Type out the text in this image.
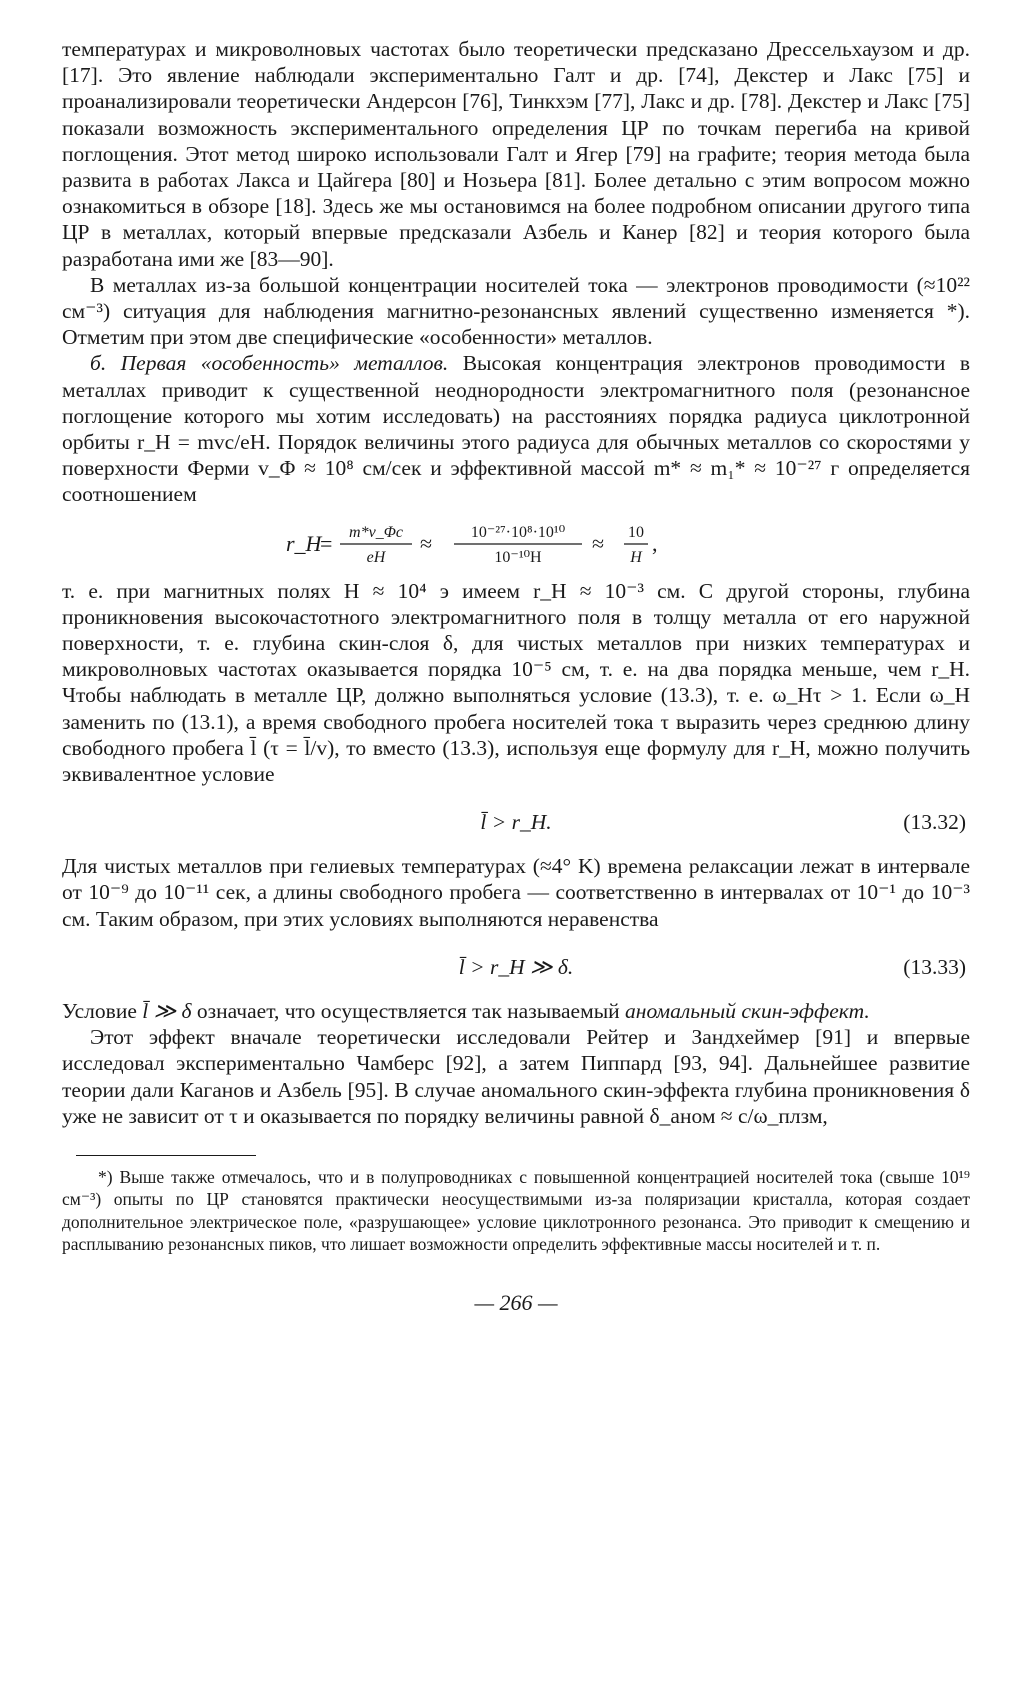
температурах и микроволновых частотах было теоретически предсказано Дрессельхаузом и др. [17]. Это явление наблюдали экспериментально Галт и др. [74], Декстер и Лакс [75] и проанализировали теоретически Андерсон [76], Тинкхэм [77], Лакс и др. [78]. Декстер и Лакс [75] показали возможность экспериментального определения ЦР по точкам перегиба на кривой поглощения. Этот метод широко использовали Галт и Ягер [79] на графите; теория метода была развита в работах Лакса и Цайгера [80] и Нозьера [81]. Более детально с этим вопросом можно ознакомиться в обзоре [18]. Здесь же мы остановимся на более подробном описании другого типа ЦР в металлах, который впервые предсказали Азбель и Канер [82] и теория которого была разработана ими же [83—90].

В металлах из-за большой концентрации носителей тока — электронов проводимости (≈10²² см⁻³) ситуация для наблюдения магнитно-резонансных явлений существенно изменяется *). Отметим при этом две специфические «особенности» металлов.

б. Первая «особенность» металлов. Высокая концентрация электронов проводимости в металлах приводит к существенной неоднородности электромагнитного поля (резонансное поглощение которого мы хотим исследовать) на расстояниях порядка радиуса циклотронной орбиты r_H = mvc/eH. Порядок величины этого радиуса для обычных металлов со скоростями у поверхности Ферми v_Φ ≈ 10⁸ см/сек и эффективной массой m* ≈ m₁* ≈ 10⁻²⁷ г определяется соотношением

r_H
= m*v_Φc
eH
≈ 10⁻²⁷·10⁸·10¹⁰
10⁻¹⁰H
≈ 10
H
,

т. е. при магнитных полях H ≈ 10⁴ э имеем r_H ≈ 10⁻³ см. С другой стороны, глубина проникновения высокочастотного электромагнитного поля в толщу металла от его наружной поверхности, т. е. глубина скин-слоя δ, для чистых металлов при низких температурах и микроволновых частотах оказывается порядка 10⁻⁵ см, т. е. на два порядка меньше, чем r_H. Чтобы наблюдать в металле ЦР, должно выполняться условие (13.3), т. е. ω_Hτ > 1. Если ω_H заменить по (13.1), а время свободного пробега носителей тока τ выразить через среднюю длину свободного пробега l̄ (τ = l̄/v), то вместо (13.3), используя еще формулу для r_H, можно получить эквивалентное условие

l̄ > r_H.	(13.32)

Для чистых металлов при гелиевых температурах (≈4° K) времена релаксации лежат в интервале от 10⁻⁹ до 10⁻¹¹ сек, а длины свободного пробега — соответственно в интервалах от 10⁻¹ до 10⁻³ см. Таким образом, при этих условиях выполняются неравенства

l̄ > r_H ≫ δ.	(13.33)

Условие l̄ ≫ δ означает, что осуществляется так называемый аномальный скин-эффект.

Этот эффект вначале теоретически исследовали Рейтер и Зандхеймер [91] и впервые исследовал экспериментально Чамберс [92], а затем Пиппард [93, 94]. Дальнейшее развитие теории дали Каганов и Азбель [95]. В случае аномального скин-эффекта глубина проникновения δ уже не зависит от τ и оказывается по порядку величины равной δ_аном ≈ c/ω_плзм,

*) Выше также отмечалось, что и в полупроводниках с повышенной концентрацией носителей тока (свыше 10¹⁹ см⁻³) опыты по ЦР становятся практически неосуществимыми из-за поляризации кристалла, которая создает дополнительное электрическое поле, «разрушающее» условие циклотронного резонанса. Это приводит к смещению и расплыванию резонансных пиков, что лишает возможности определить эффективные массы носителей и т. п.

— 266 —
